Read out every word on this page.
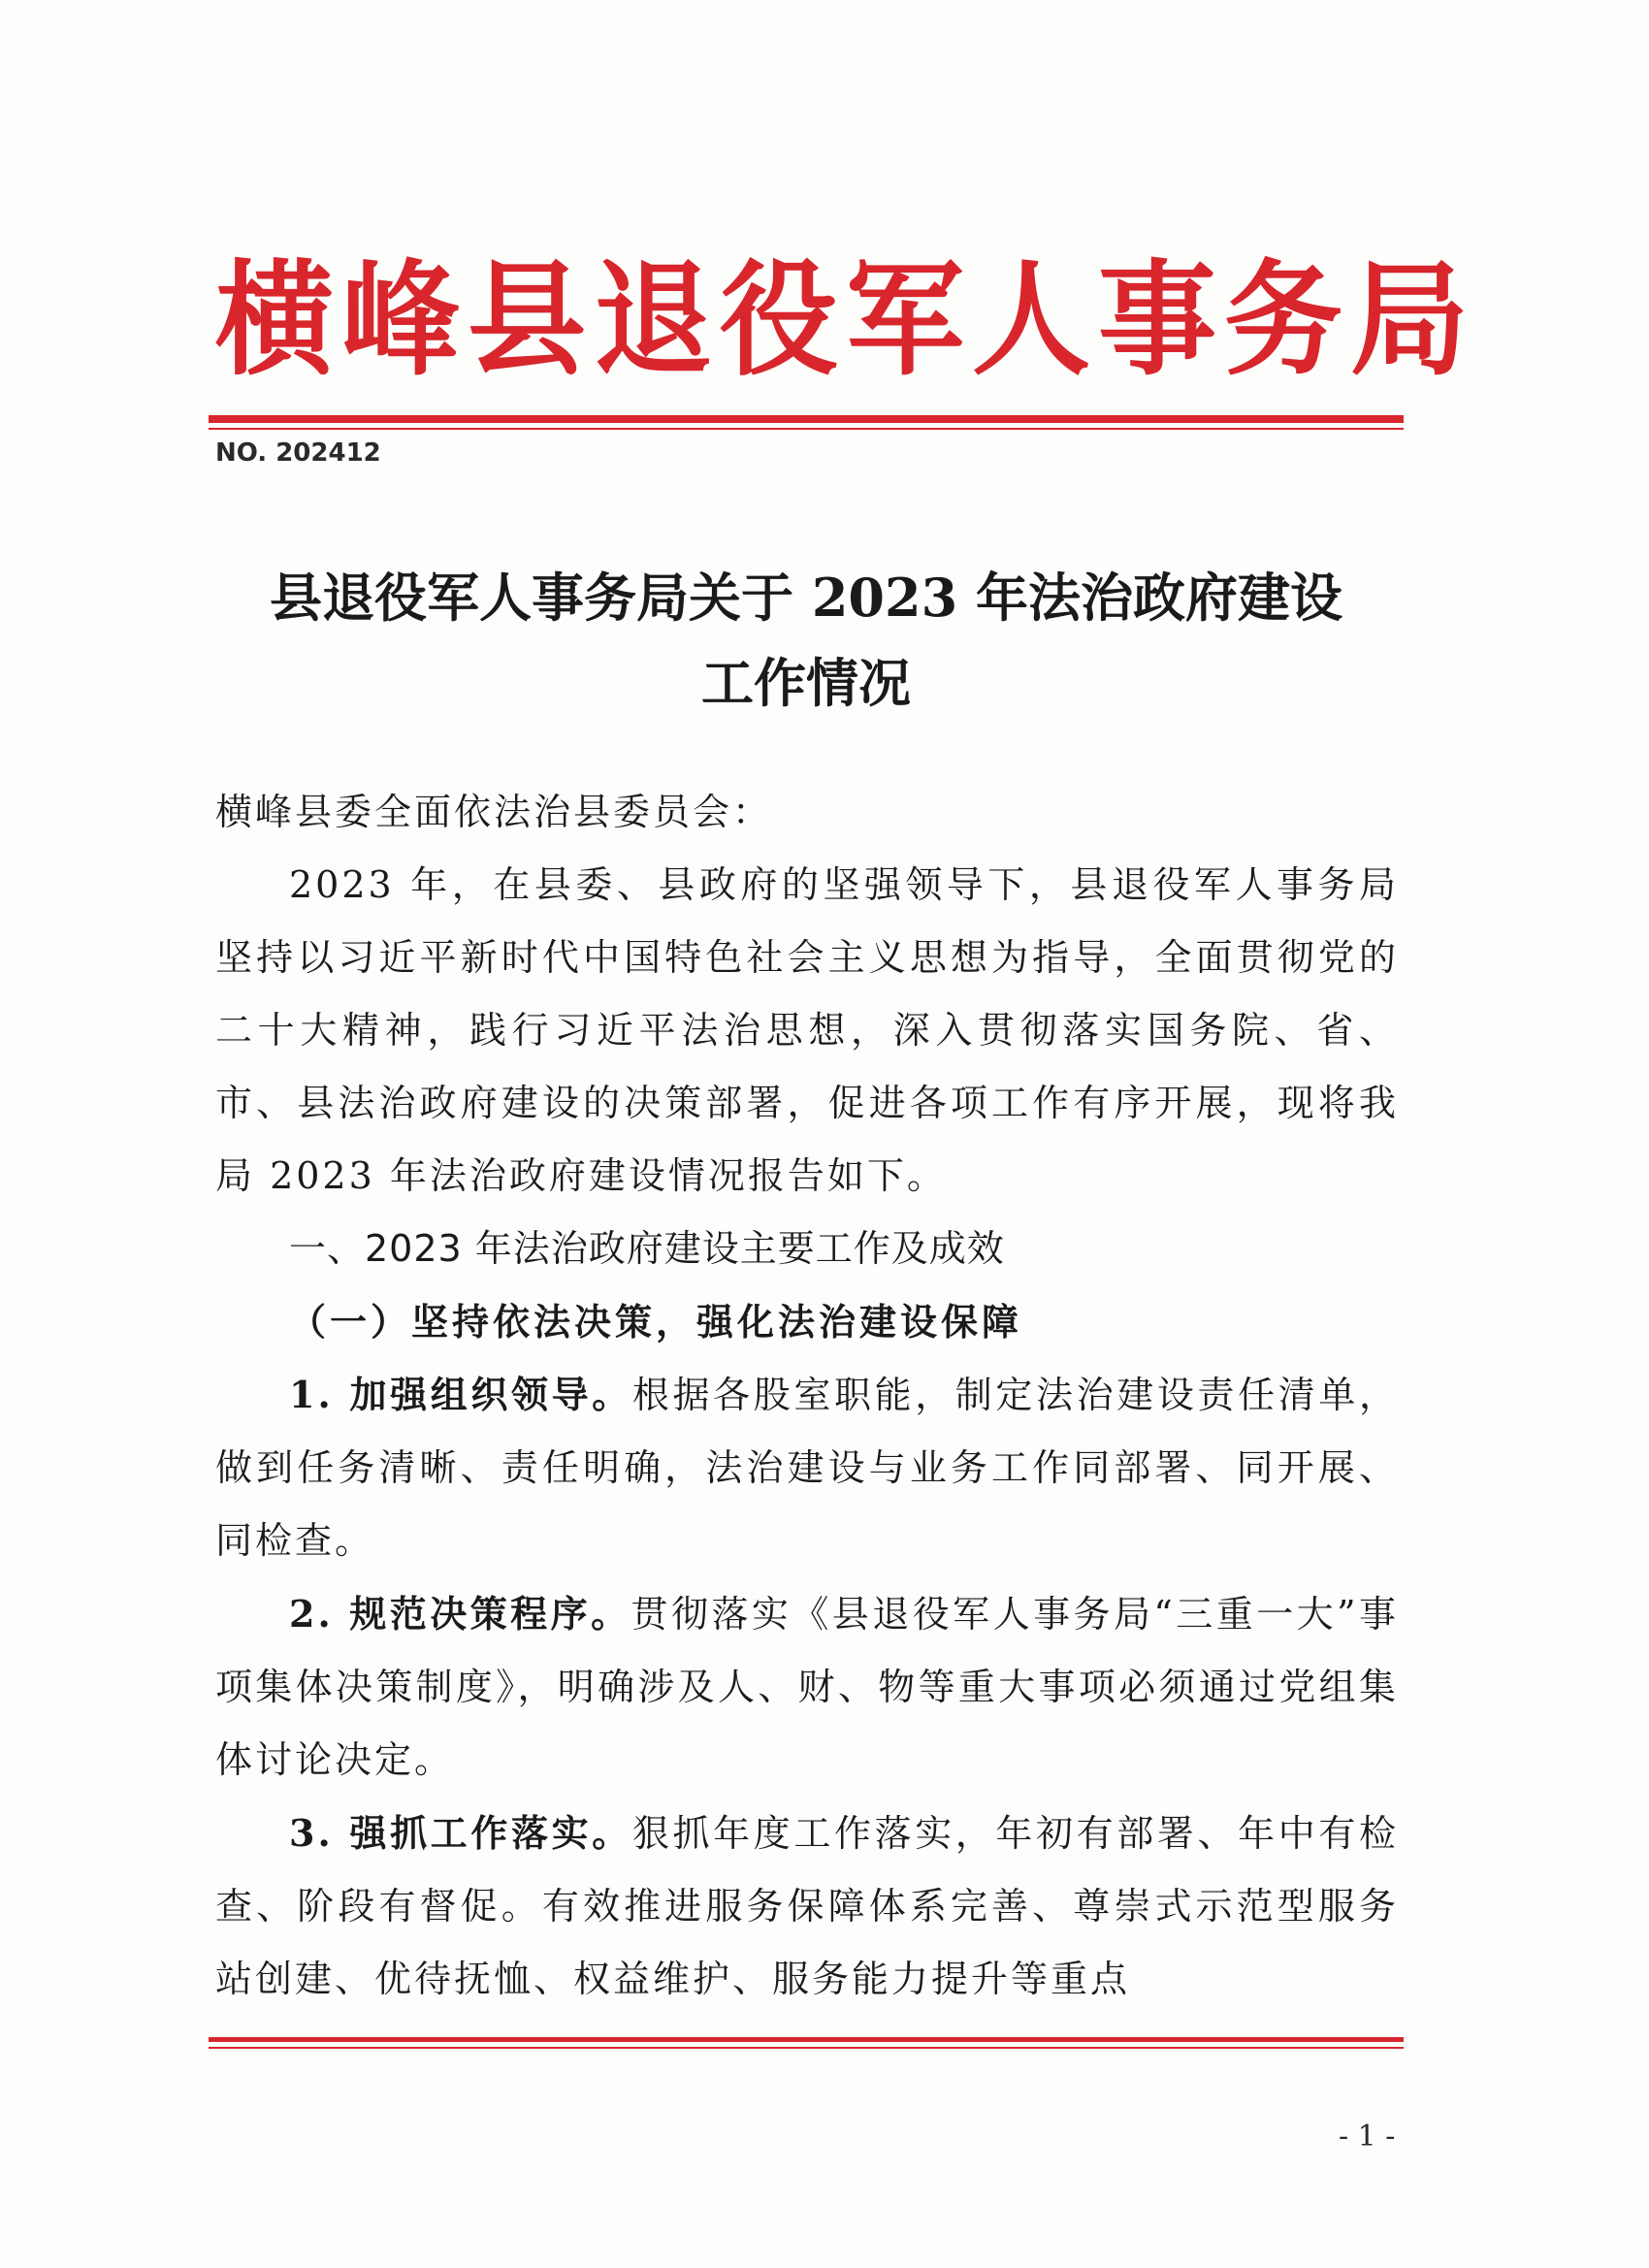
横峰县退役军人事务局
NO. 202412
县退役军人事务局关于 2023 年法治政府建设
工作情况

横峰县委全面依法治县委员会：

2023 年，在县委、县政府的坚强领导下，县退役军人事务局坚持以习近平新时代中国特色社会主义思想为指导，全面贯彻党的二十大精神，践行习近平法治思想，深入贯彻落实国务院、省、市、县法治政府建设的决策部署，促进各项工作有序开展，现将我局 2023 年法治政府建设情况报告如下。

一、2023 年法治政府建设主要工作及成效

（一）坚持依法决策，强化法治建设保障

1. 加强组织领导。根据各股室职能，制定法治建设责任清单，做到任务清晰、责任明确，法治建设与业务工作同部署、同开展、同检查。

2. 规范决策程序。贯彻落实《县退役军人事务局“三重一大”事项集体决策制度》，明确涉及人、财、物等重大事项必须通过党组集体讨论决定。

3. 强抓工作落实。狠抓年度工作落实，年初有部署、年中有检查、阶段有督促。有效推进服务保障体系完善、尊崇式示范型服务站创建、优待抚恤、权益维护、服务能力提升等重点

- 1 -
